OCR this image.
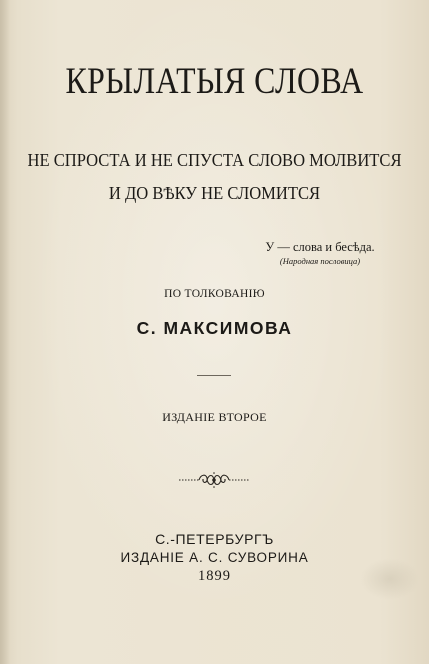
КРЫЛАТЫЯ СЛОВА
НЕ СПРОСТА И НЕ СПУСТА СЛОВО МОЛВИТСЯ
И ДО ВѢКУ НЕ СЛОМИТСЯ
У — слова и бесѣда.
(Народная пословица)
ПО ТОЛКОВАНІЮ
С. МАКСИМОВА
ИЗДАНІЕ ВТОРОЕ
С.-ПЕТЕРБУРГЪ
ИЗДАНІЕ А. С. СУВОРИНА
1899
